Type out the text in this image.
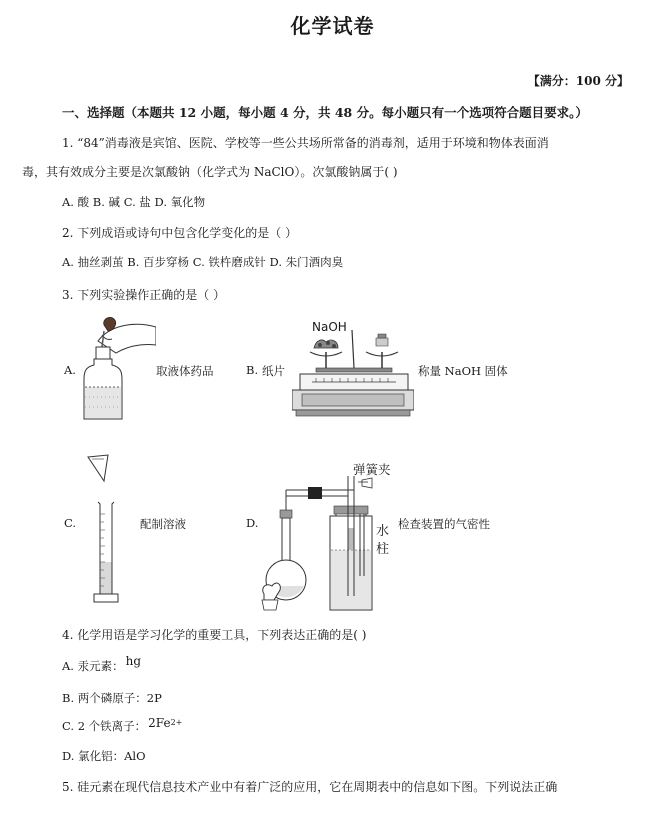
化学试卷
【满分：100 分】
一、选择题（本题共 12 小题，每小题 4 分，共 48 分。每小题只有一个选项符合题目要求。）
1. “84”消毒液是宾馆、医院、学校等一些公共场所常备的消毒剂，适用于环境和物体表面消
毒，其有效成分主要是次氯酸钠（化学式为 NaClO）。次氯酸钠属于( )
A. 酸 B. 碱 C. 盐 D. 氧化物
2. 下列成语或诗句中包含化学变化的是（ ）
A. 抽丝剥茧 B. 百步穿杨 C. 铁杵磨成针 D. 朱门酒肉臭
3. 下列实验操作正确的是（ ）
A.	取液体药品	B. 纸片
NaOH
称量 NaOH 固体
C.	配制溶液	D.
弹簧夹
水
柱
检查装置的气密性
4. 化学用语是学习化学的重要工具，下列表达正确的是( )
A. 汞元素： hg
B. 两个磷原子：2P
C. 2 个铁离子： $2Fe^{2+}$
D. 氯化铝：AlO
5. 硅元素在现代信息技术产业中有着广泛的应用，它在周期表中的信息如下图。下列说法正确
